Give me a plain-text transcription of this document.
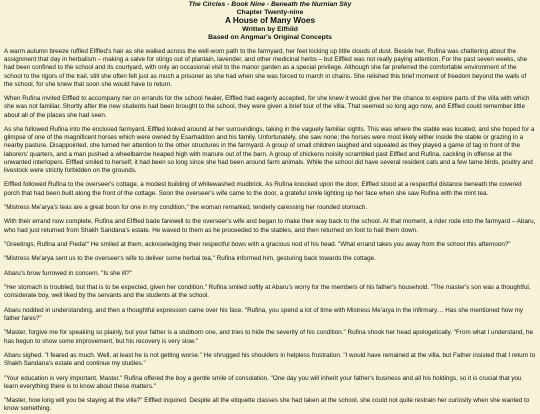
The Circles - Book Nine - Beneath the Nurnian Sky
Chapter Twenty-nine
A House of Many Woes
Written by Elfhild
Based on Angmar's Original Concepts

A warm autumn breeze ruffled Elffled's hair as she walked across the well-worn path to the farmyard, her feet kicking up little clouds of dust. Beside her, Rufina was chattering about the assignment that day in herbalism – making a salve for stings out of plantain, lavender, and other medicinal herbs – but Elffled was not really paying attention. For the past seven weeks, she had been confined to the school and its courtyard, with only an occasional visit to the manor garden as a special privilege. Although she far preferred the comfortable environment of the school to the rigors of the trail, still she often felt just as much a prisoner as she had when she was forced to march in chains. She relished this brief moment of freedom beyond the walls of the school, for she knew that soon she would have to return.

When Rufina invited Elffled to accompany her on errands for the school healer, Elffled had eagerly accepted, for she knew it would give her the chance to explore parts of the villa with which she was not familiar. Shortly after the new students had been brought to the school, they were given a brief tour of the villa. That seemed so long ago now, and Elffled could remember little about all of the places she had seen.

As she followed Rufina into the enclosed farmyard, Elffled looked around at her surroundings, taking in the vaguely familiar sights. This was where the stable was located, and she hoped for a glimpse of one of the magnificent horses which were owned by Esarhaddon and his family. Unfortunately, she saw none; the horses were most likely either inside the stable or grazing in a nearby pasture. Disappointed, she turned her attention to the other structures in the farmyard. A group of small children laughed and squealed as they played a game of tag in front of the laborers' quarters, and a man pushed a wheelbarrow heaped high with manure out of the barn. A group of chickens noisily scrambled past Elffled and Rufina, cackling in offense at the unwanted interlopers. Elffled smiled to herself; it had been so long since she had been around farm animals. While the school did have several resident cats and a few tame birds, poultry and livestock were strictly forbidden on the grounds.

Elffled followed Rufina to the overseer's cottage, a modest building of whitewashed mudbrick. As Rufina knocked upon the door, Elffled stood at a respectful distance beneath the covered porch that had been built along the front of the cottage. Soon the overseer's wife came to the door, a grateful smile lighting up her face when she saw Rufina with the mint tea.

"Mistress Me'arya's teas are a great boon for one in my condition," the woman remarked, tenderly caressing her rounded stomach.

With their errand now complete, Rufina and Elffled bade farewell to the overseer's wife and began to make their way back to the school. At that moment, a rider rode into the farmyard – Abaru, who had just returned from Shakh Sandana's estate. He waved to them as he proceeded to the stables, and then returned on foot to hail them down.

"Greetings, Rufina and Fleda!" He smiled at them, acknowledging their respectful bows with a gracious nod of his head. "What errand takes you away from the school this afternoon?"

"Mistress Me'arya sent us to the overseer's wife to deliver some herbal tea," Rufina informed him, gesturing back towards the cottage.

Abaru's brow furrowed in concern. "Is she ill?"

"Her stomach is troubled, but that is to be expected, given her condition." Rufina smiled softly at Abaru's worry for the members of his father's household. "The master's son was a thoughtful, considerate boy, well liked by the servants and the students at the school.

Abaru nodded in understanding, and then a thoughtful expression came over his face. "Rufina, you spend a lot of time with Mistress Me'arya in the infirmary… Has she mentioned how my father fares?"

"Master, forgive me for speaking so plainly, but your father is a stubborn one, and tries to hide the severity of his condition." Rufina shook her head apologetically. "From what I understand, he has begun to show some improvement, but his recovery is very slow."

Abaru sighed. "I feared as much. Well, at least he is not getting worse." He shrugged his shoulders in helpless frustration. "I would have remained at the villa, but Father insisted that I return to Shakh Sandana's estate and continue my studies."

"Your education is very important, Master." Rufina offered the boy a gentle smile of consolation. "One day you will inherit your father's business and all his holdings, so it is crucial that you learn everything there is to know about these matters."

"Master, how long will you be staying at the villa?" Elffled inquired. Despite all the etiquette classes she had taken at the school, she could not quite restrain her curiosity when she wanted to know something.
